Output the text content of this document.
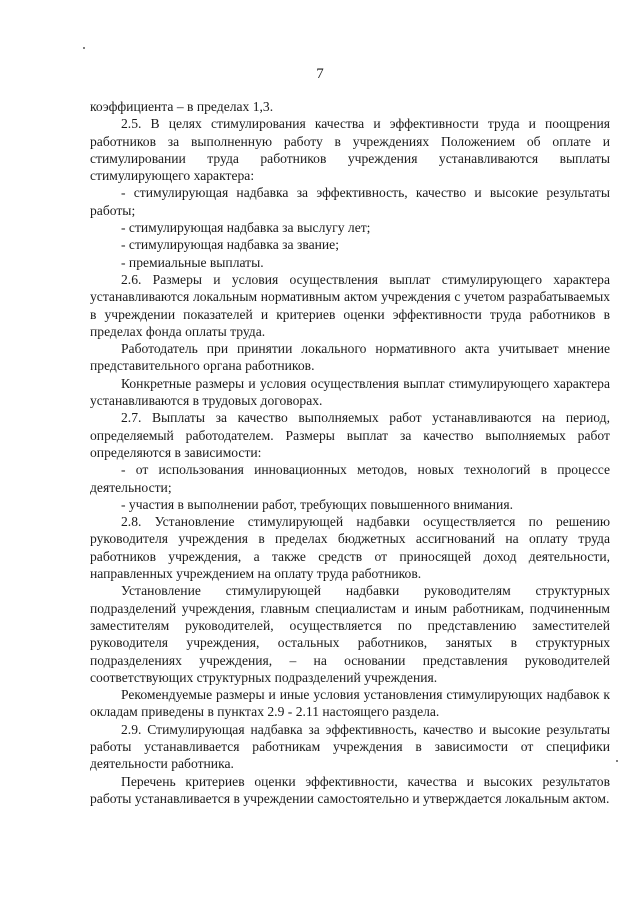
7

коэффициента – в пределах 1,3.

2.5. В целях стимулирования качества и эффективности труда и поощрения работников за выполненную работу в учреждениях Положением об оплате и стимулировании труда работников учреждения устанавливаются выплаты стимулирующего характера:

- стимулирующая надбавка за эффективность, качество и высокие результаты работы;

- стимулирующая надбавка за выслугу лет;

- стимулирующая надбавка за звание;

- премиальные выплаты.

2.6. Размеры и условия осуществления выплат стимулирующего характера устанавливаются локальным нормативным актом учреждения с учетом разрабатываемых в учреждении показателей и критериев оценки эффективности труда работников в пределах фонда оплаты труда.

Работодатель при принятии локального нормативного акта учитывает мнение представительного органа работников.

Конкретные размеры и условия осуществления выплат стимулирующего характера устанавливаются в трудовых договорах.

2.7. Выплаты за качество выполняемых работ устанавливаются на период, определяемый работодателем. Размеры выплат за качество выполняемых работ определяются в зависимости:

- от использования инновационных методов, новых технологий в процессе деятельности;

- участия в выполнении работ, требующих повышенного внимания.

2.8. Установление стимулирующей надбавки осуществляется по решению руководителя учреждения в пределах бюджетных ассигнований на оплату труда работников учреждения, а также средств от приносящей доход деятельности, направленных учреждением на оплату труда работников.

Установление стимулирующей надбавки руководителям структурных подразделений учреждения, главным специалистам и иным работникам, подчиненным заместителям руководителей, осуществляется по представлению заместителей руководителя учреждения, остальных работников, занятых в структурных подразделениях учреждения, – на основании представления руководителей соответствующих структурных подразделений учреждения.

Рекомендуемые размеры и иные условия установления стимулирующих надбавок к окладам приведены в пунктах 2.9 - 2.11 настоящего раздела.

2.9. Стимулирующая надбавка за эффективность, качество и высокие результаты работы устанавливается работникам учреждения в зависимости от специфики деятельности работника.

Перечень критериев оценки эффективности, качества и высоких результатов работы устанавливается в учреждении самостоятельно и утверждается локальным актом.
